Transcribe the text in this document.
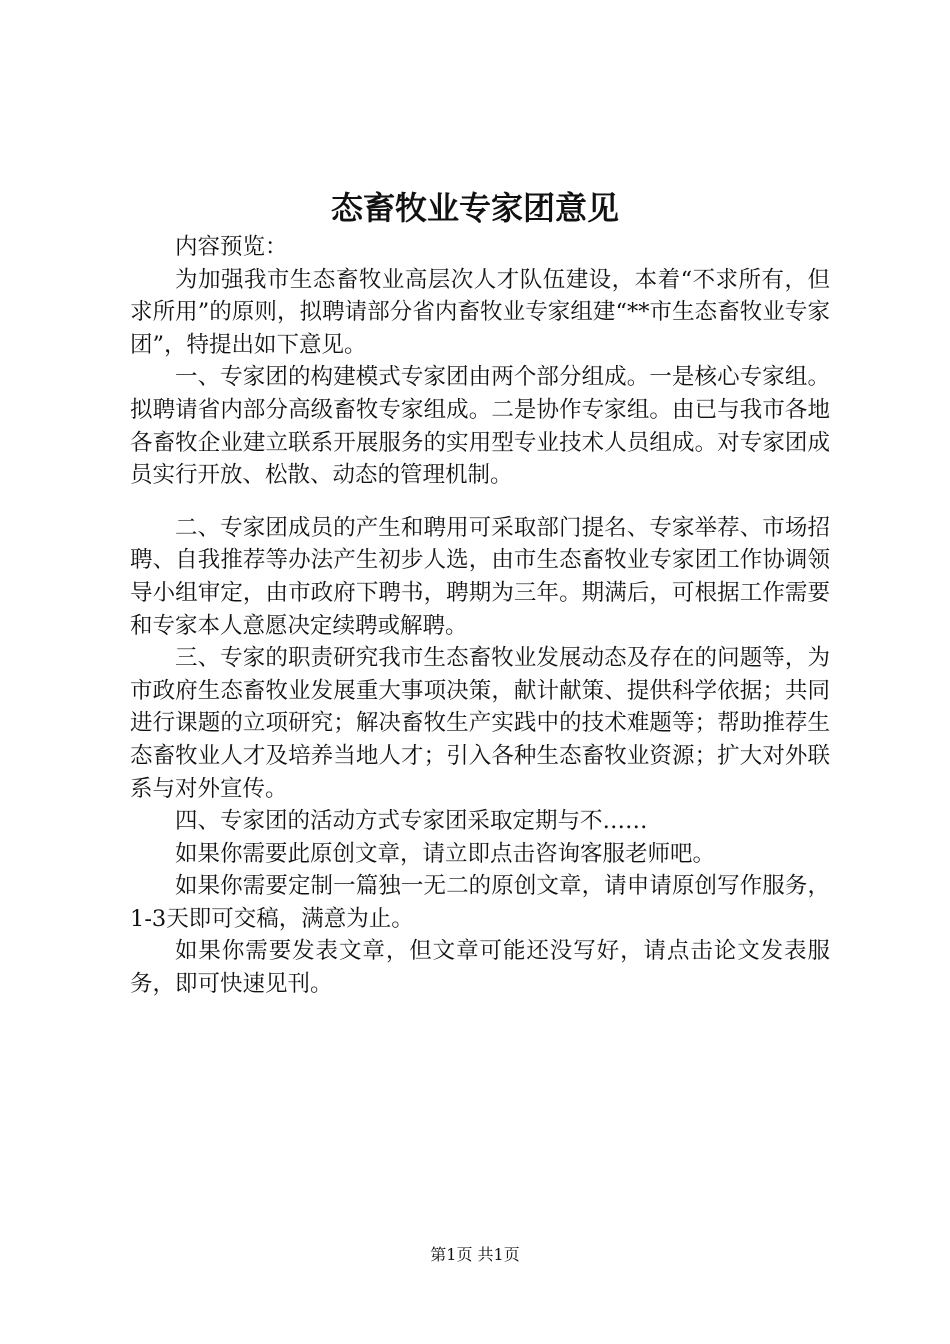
态畜牧业专家团意见

内容预览：

为加强我市生态畜牧业高层次人才队伍建设，本着“不求所有，但求所用”的原则，拟聘请部分省内畜牧业专家组建“**市生态畜牧业专家团”，特提出如下意见。

一、专家团的构建模式专家团由两个部分组成。一是核心专家组。拟聘请省内部分高级畜牧专家组成。二是协作专家组。由已与我市各地各畜牧企业建立联系开展服务的实用型专业技术人员组成。对专家团成员实行开放、松散、动态的管理机制。

二、专家团成员的产生和聘用可采取部门提名、专家举荐、市场招聘、自我推荐等办法产生初步人选，由市生态畜牧业专家团工作协调领导小组审定，由市政府下聘书，聘期为三年。期满后，可根据工作需要和专家本人意愿决定续聘或解聘。

三、专家的职责研究我市生态畜牧业发展动态及存在的问题等，为市政府生态畜牧业发展重大事项决策，献计献策、提供科学依据；共同进行课题的立项研究；解决畜牧生产实践中的技术难题等；帮助推荐生态畜牧业人才及培养当地人才；引入各种生态畜牧业资源；扩大对外联系与对外宣传。

四、专家团的活动方式专家团采取定期与不……

如果你需要此原创文章，请立即点击咨询客服老师吧。

如果你需要定制一篇独一无二的原创文章，请申请原创写作服务，1-3天即可交稿，满意为止。

如果你需要发表文章，但文章可能还没写好，请点击论文发表服务，即可快速见刊。

第1页 共1页
